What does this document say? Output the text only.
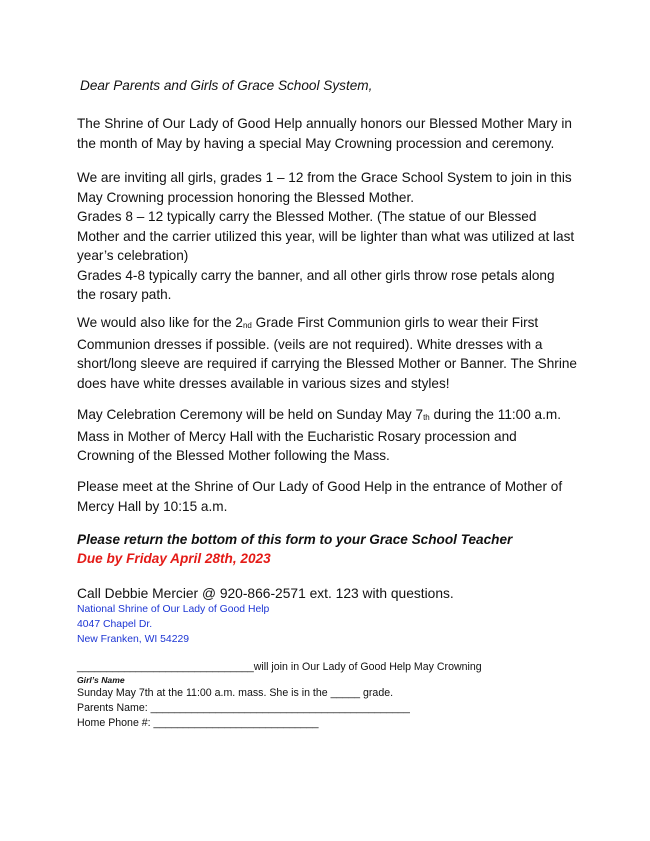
Dear Parents and Girls of Grace School System,
The Shrine of Our Lady of Good Help annually honors our Blessed Mother Mary in the month of May by having a special May Crowning procession and ceremony.
We are inviting all girls, grades 1 – 12 from the Grace School System to join in this May Crowning procession honoring the Blessed Mother.
Grades 8 – 12 typically carry the Blessed Mother. (The statue of our Blessed Mother and the carrier utilized this year, will be lighter than what was utilized at last year’s celebration)
Grades 4-8 typically carry the banner, and all other girls throw rose petals along the rosary path.
We would also like for the $2_{nd}$ Grade First Communion girls to wear their First Communion dresses if possible. (veils are not required). White dresses with a short/long sleeve are required if carrying the Blessed Mother or Banner. The Shrine does have white dresses available in various sizes and styles!
May Celebration Ceremony will be held on Sunday May $7_{th}$ during the 11:00 a.m. Mass in Mother of Mercy Hall with the Eucharistic Rosary procession and Crowning of the Blessed Mother following the Mass.
Please meet at the Shrine of Our Lady of Good Help in the entrance of Mother of Mercy Hall by 10:15 a.m.
Please return the bottom of this form to your Grace School Teacher
Due by Friday April 28th, 2023
Call Debbie Mercier @ 920-866-2571 ext. 123 with questions.
National Shrine of Our Lady of Good Help
4047 Chapel Dr.
New Franken, WI 54229
______________________________will join in Our Lady of Good Help May Crowning
Girl’s Name
Sunday May 7th at the 11:00 a.m. mass. She is in the _____ grade.
Parents Name: ____________________________________________
Home Phone #: ____________________________
